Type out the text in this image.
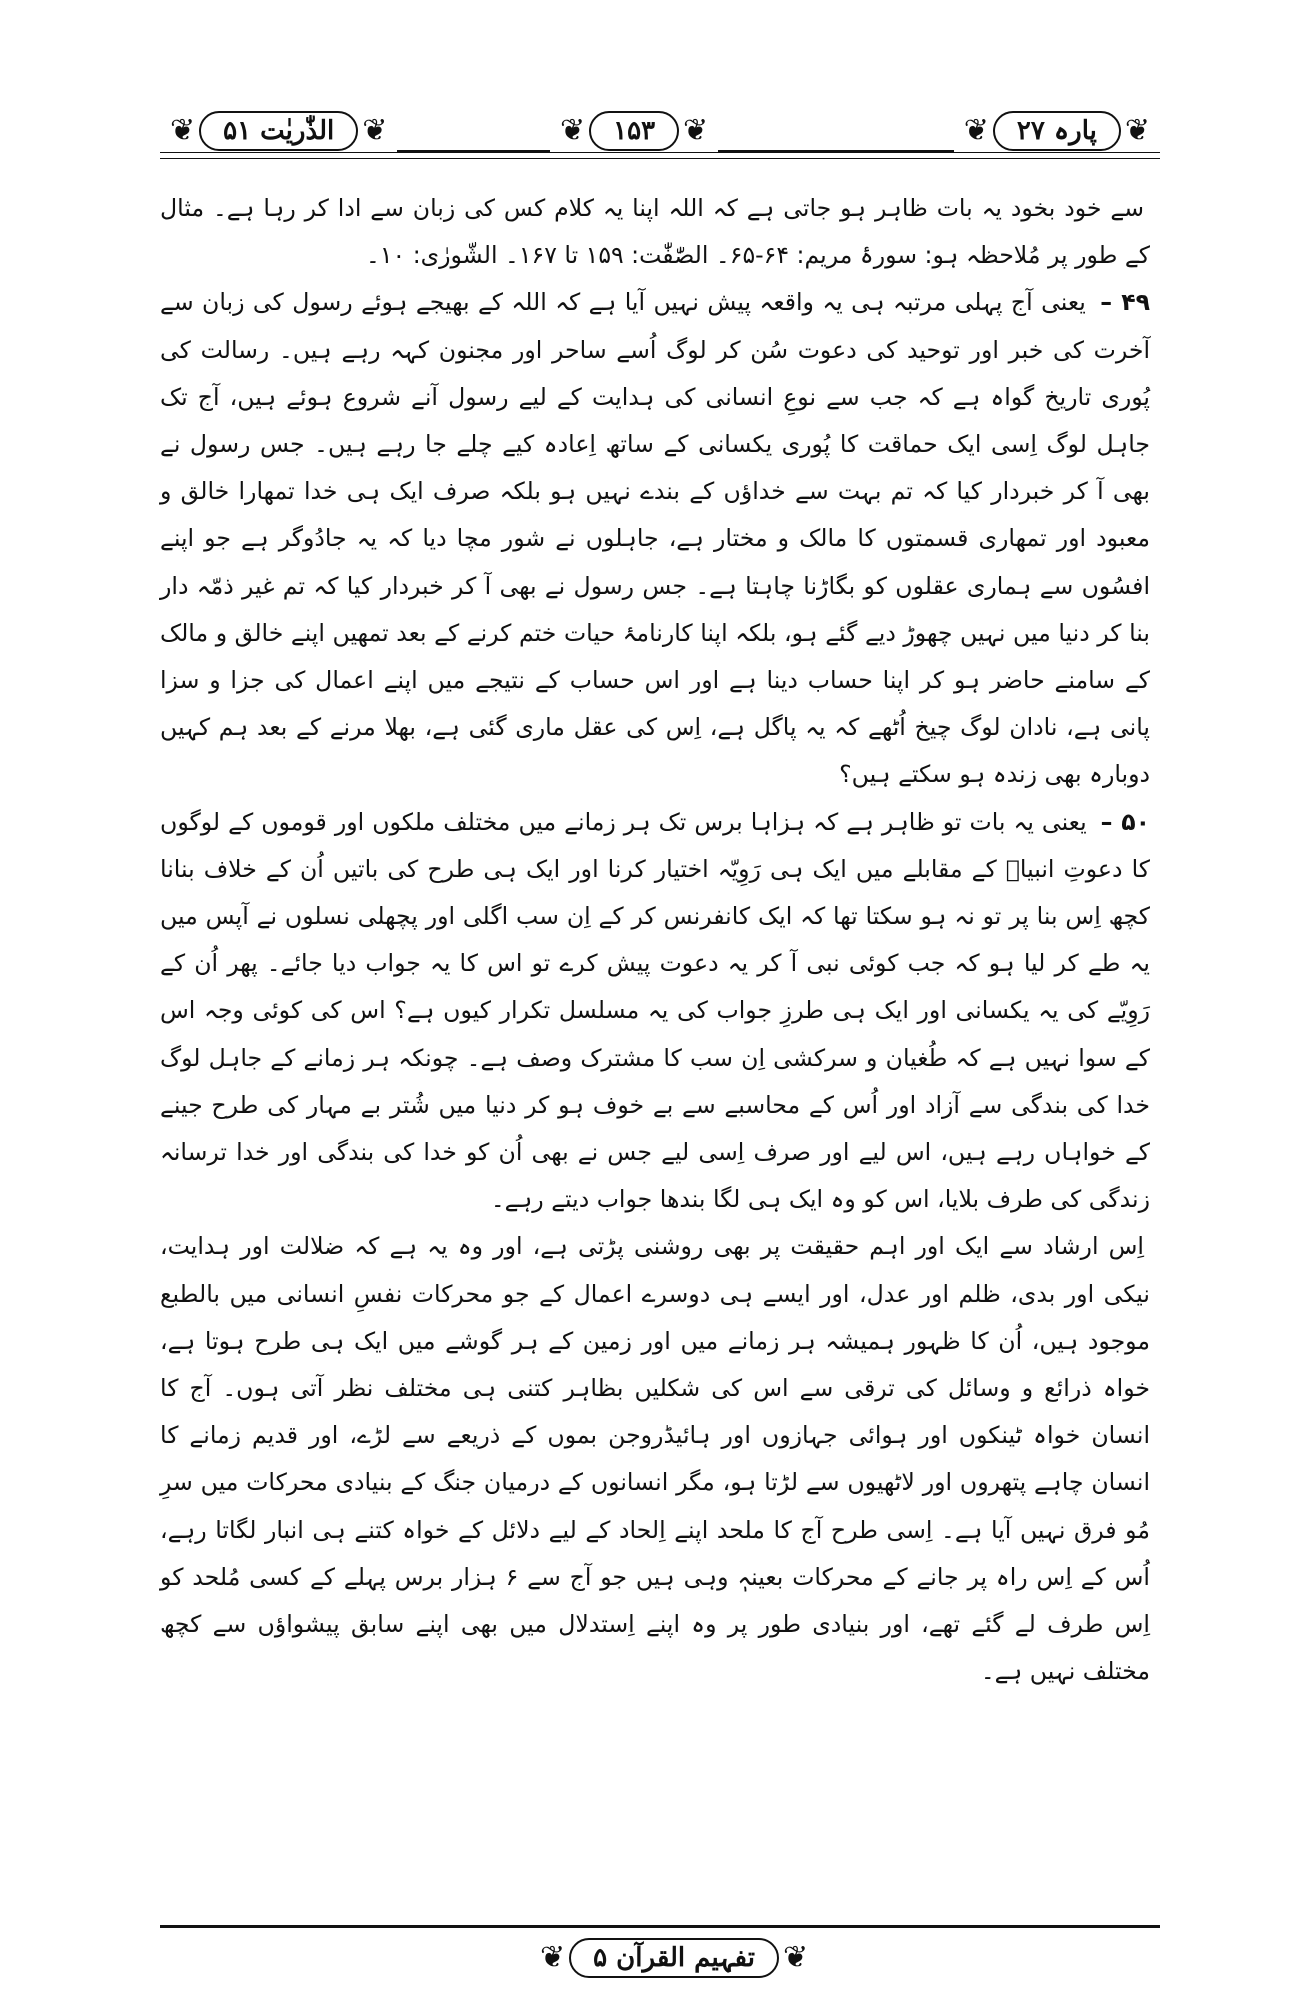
❦	الذّٰریٰت ۵۱ ❦	❦	۱۵۳ ❦	❦	پارہ ۲۷ ❦

سے خود بخود یہ بات ظاہر ہو جاتی ہے کہ اللہ اپنا یہ کلام کس کی زبان سے ادا کر رہا ہے۔ مثال کے طور پر مُلاحظہ ہو: سورۂ مریم: ۶۴-۶۵۔ الصّٰفّٰت: ۱۵۹ تا ۱۶۷۔ الشّورٰی: ۱۰۔

۴۹ – یعنی آج پہلی مرتبہ ہی یہ واقعہ پیش نہیں آیا ہے کہ اللہ کے بھیجے ہوئے رسول کی زبان سے آخرت کی خبر اور توحید کی دعوت سُن کر لوگ اُسے ساحر اور مجنون کہہ رہے ہیں۔ رسالت کی پُوری تاریخ گواہ ہے کہ جب سے نوعِ انسانی کی ہدایت کے لیے رسول آنے شروع ہوئے ہیں، آج تک جاہل لوگ اِسی ایک حماقت کا پُوری یکسانی کے ساتھ اِعادہ کیے چلے جا رہے ہیں۔ جس رسول نے بھی آ کر خبردار کیا کہ تم بہت سے خداؤں کے بندے نہیں ہو بلکہ صرف ایک ہی خدا تمھارا خالق و معبود اور تمھاری قسمتوں کا مالک و مختار ہے، جاہلوں نے شور مچا دیا کہ یہ جادُوگر ہے جو اپنے افسُوں سے ہماری عقلوں کو بگاڑنا چاہتا ہے۔ جس رسول نے بھی آ کر خبردار کیا کہ تم غیر ذمّہ دار بنا کر دنیا میں نہیں چھوڑ دیے گئے ہو، بلکہ اپنا کارنامۂ حیات ختم کرنے کے بعد تمھیں اپنے خالق و مالک کے سامنے حاضر ہو کر اپنا حساب دینا ہے اور اس حساب کے نتیجے میں اپنے اعمال کی جزا و سزا پانی ہے، نادان لوگ چیخ اُٹھے کہ یہ پاگل ہے، اِس کی عقل ماری گئی ہے، بھلا مرنے کے بعد ہم کہیں دوبارہ بھی زندہ ہو سکتے ہیں؟

۵۰ – یعنی یہ بات تو ظاہر ہے کہ ہزاہا برس تک ہر زمانے میں مختلف ملکوں اور قوموں کے لوگوں کا دعوتِ انبیاؑ کے مقابلے میں ایک ہی رَوِیّہ اختیار کرنا اور ایک ہی طرح کی باتیں اُن کے خلاف بنانا کچھ اِس بنا پر تو نہ ہو سکتا تھا کہ ایک کانفرنس کر کے اِن سب اگلی اور پچھلی نسلوں نے آپس میں یہ طے کر لیا ہو کہ جب کوئی نبی آ کر یہ دعوت پیش کرے تو اس کا یہ جواب دیا جائے۔ پھر اُن کے رَوِیّے کی یہ یکسانی اور ایک ہی طرزِ جواب کی یہ مسلسل تکرار کیوں ہے؟ اس کی کوئی وجہ اس کے سوا نہیں ہے کہ طُغیان و سرکشی اِن سب کا مشترک وصف ہے۔ چونکہ ہر زمانے کے جاہل لوگ خدا کی بندگی سے آزاد اور اُس کے محاسبے سے بے خوف ہو کر دنیا میں شُتر بے مہار کی طرح جینے کے خواہاں رہے ہیں، اس لیے اور صرف اِسی لیے جس نے بھی اُن کو خدا کی بندگی اور خدا ترسانہ زندگی کی طرف بلایا، اس کو وہ ایک ہی لگا بندھا جواب دیتے رہے۔

اِس ارشاد سے ایک اور اہم حقیقت پر بھی روشنی پڑتی ہے، اور وہ یہ ہے کہ ضلالت اور ہدایت، نیکی اور بدی، ظلم اور عدل، اور ایسے ہی دوسرے اعمال کے جو محرکات نفسِ انسانی میں بالطبع موجود ہیں، اُن کا ظہور ہمیشہ ہر زمانے میں اور زمین کے ہر گوشے میں ایک ہی طرح ہوتا ہے، خواہ ذرائع و وسائل کی ترقی سے اس کی شکلیں بظاہر کتنی ہی مختلف نظر آتی ہوں۔ آج کا انسان خواہ ٹینکوں اور ہوائی جہازوں اور ہائیڈروجن بموں کے ذریعے سے لڑے، اور قدیم زمانے کا انسان چاہے پتھروں اور لاٹھیوں سے لڑتا ہو، مگر انسانوں کے درمیان جنگ کے بنیادی محرکات میں سرِ مُو فرق نہیں آیا ہے۔ اِسی طرح آج کا ملحد اپنے اِلحاد کے لیے دلائل کے خواہ کتنے ہی انبار لگاتا رہے، اُس کے اِس راہ پر جانے کے محرکات بعینہٖ وہی ہیں جو آج سے ۶ ہزار برس پہلے کے کسی مُلحد کو اِس طرف لے گئے تھے، اور بنیادی طور پر وہ اپنے اِستدلال میں بھی اپنے سابق پیشواؤں سے کچھ مختلف نہیں ہے۔

❦	تفہیم القرآن ۵ ❦
